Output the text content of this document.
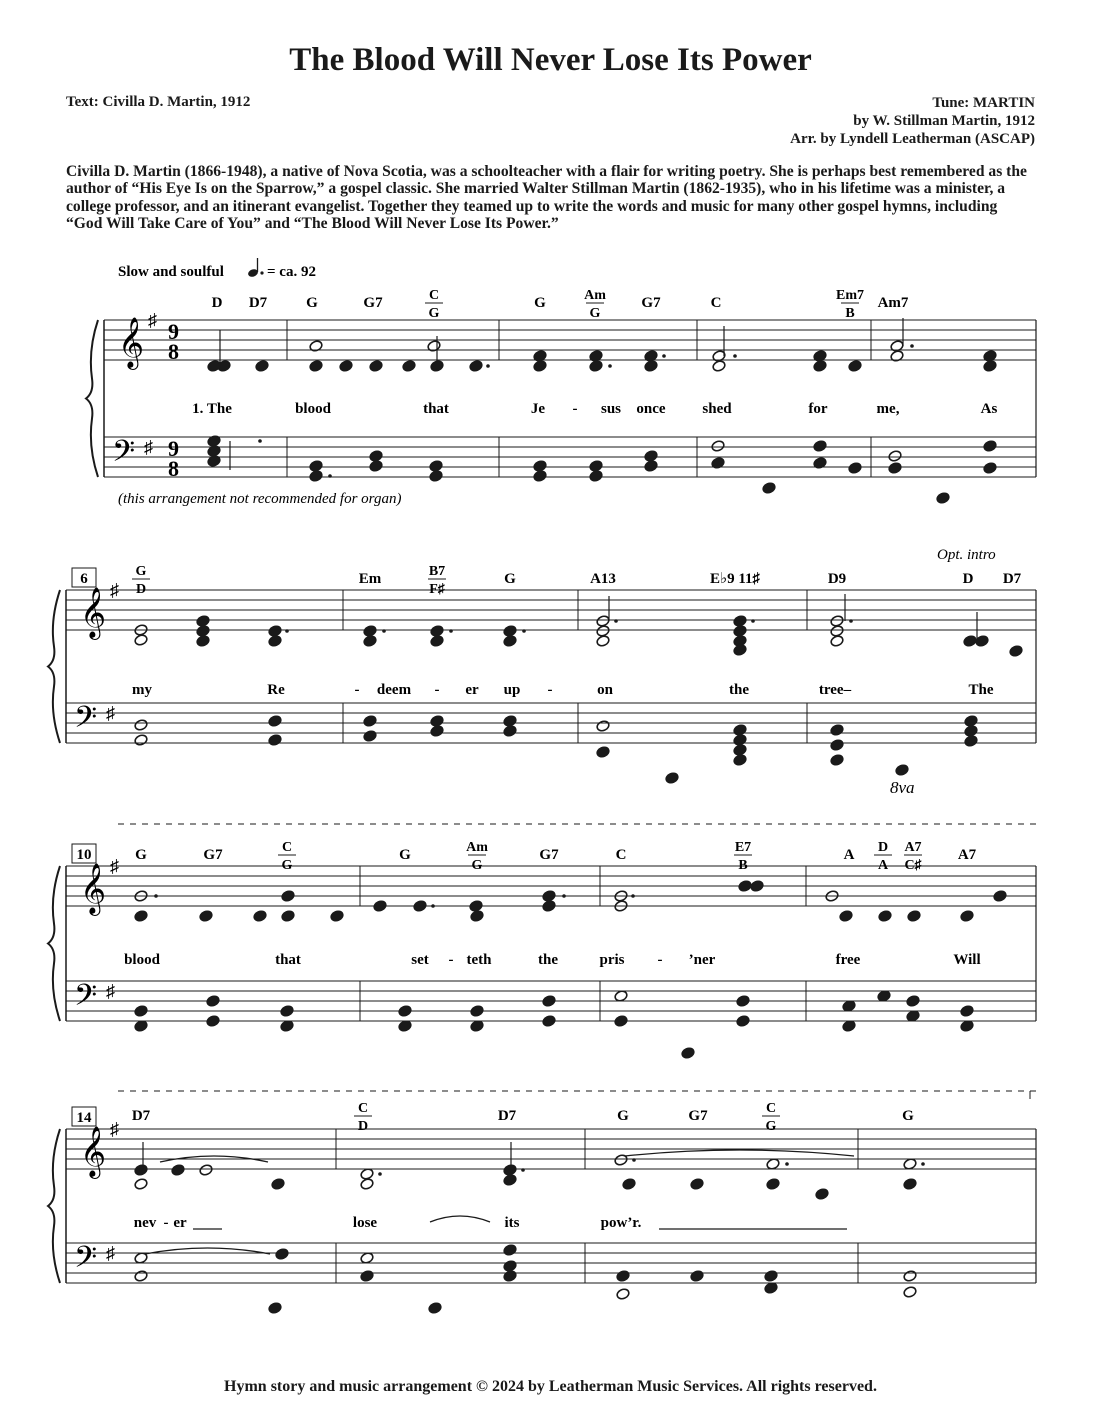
The Blood Will Never Lose Its Power
Text: Civilla D. Martin, 1912	Tune: MARTIN
by W. Stillman Martin, 1912
Arr. by Lyndell Leatherman (ASCAP)
Civilla D. Martin (1866-1948), a native of Nova Scotia, was a schoolteacher with a flair for writing poetry. She is perhaps best remembered as the author of “His Eye Is on the Sparrow,” a gospel classic. She married Walter Stillman Martin (1862-1935), who in his lifetime was a minister, a college professor, and an itinerant evangelist. Together they teamed up to write the words and music for many other gospel hymns, including “God Will Take Care of You” and “The Blood Will Never Lose Its Power.”
Slow and soulful	= ca. 92
(this arrangement not recommended for organ)
Opt. intro
8va
𝄞
𝄢
♯
♯
9
8
9
8
D D7	G	G7	C
G
G	Am
G
G7	C	Em7
B
Am7
1. The	blood	that	Je - sus once shed	for	me,	As
𝄞
𝄢
♯
♯
6	G
D
Em	B7
F♯
G	A13	E♭9 11♯	D9	D D7
my	Re	- deem - er up -	on	the	tree–	The
𝄞
𝄢
♯
♯
10	G	G7	C
G
G	Am
G
G7	C	E7
B
A D
A
A7
C♯
A7
blood	that	set - teth	the	pris - ’ner	free	Will
𝄞
𝄢
♯
♯
14	D7	C
D
D7	G	G7	C
G
G
nev - er	lose	its	pow’r.
Hymn story and music arrangement © 2024 by Leatherman Music Services. All rights reserved.
